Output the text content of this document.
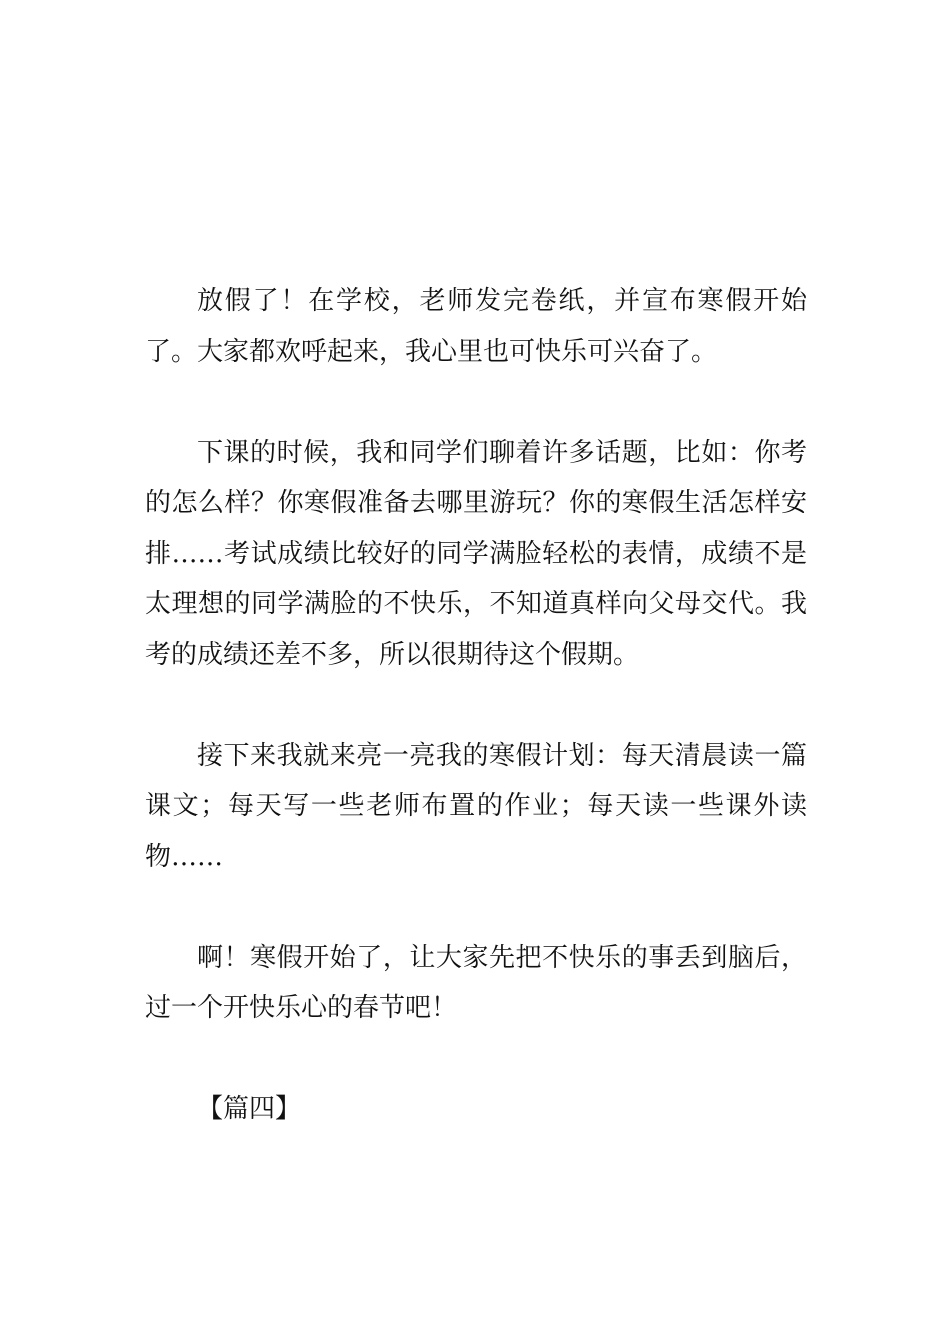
放假了！在学校，老师发完卷纸，并宣布寒假开始了。大家都欢呼起来，我心里也可快乐可兴奋了。

下课的时候，我和同学们聊着许多话题，比如：你考的怎么样？你寒假准备去哪里游玩？你的寒假生活怎样安排……考试成绩比较好的同学满脸轻松的表情，成绩不是太理想的同学满脸的不快乐，不知道真样向父母交代。我考的成绩还差不多，所以很期待这个假期。

接下来我就来亮一亮我的寒假计划：每天清晨读一篇课文；每天写一些老师布置的作业；每天读一些课外读物……

啊！寒假开始了，让大家先把不快乐的事丢到脑后，过一个开快乐心的春节吧！

【篇四】
